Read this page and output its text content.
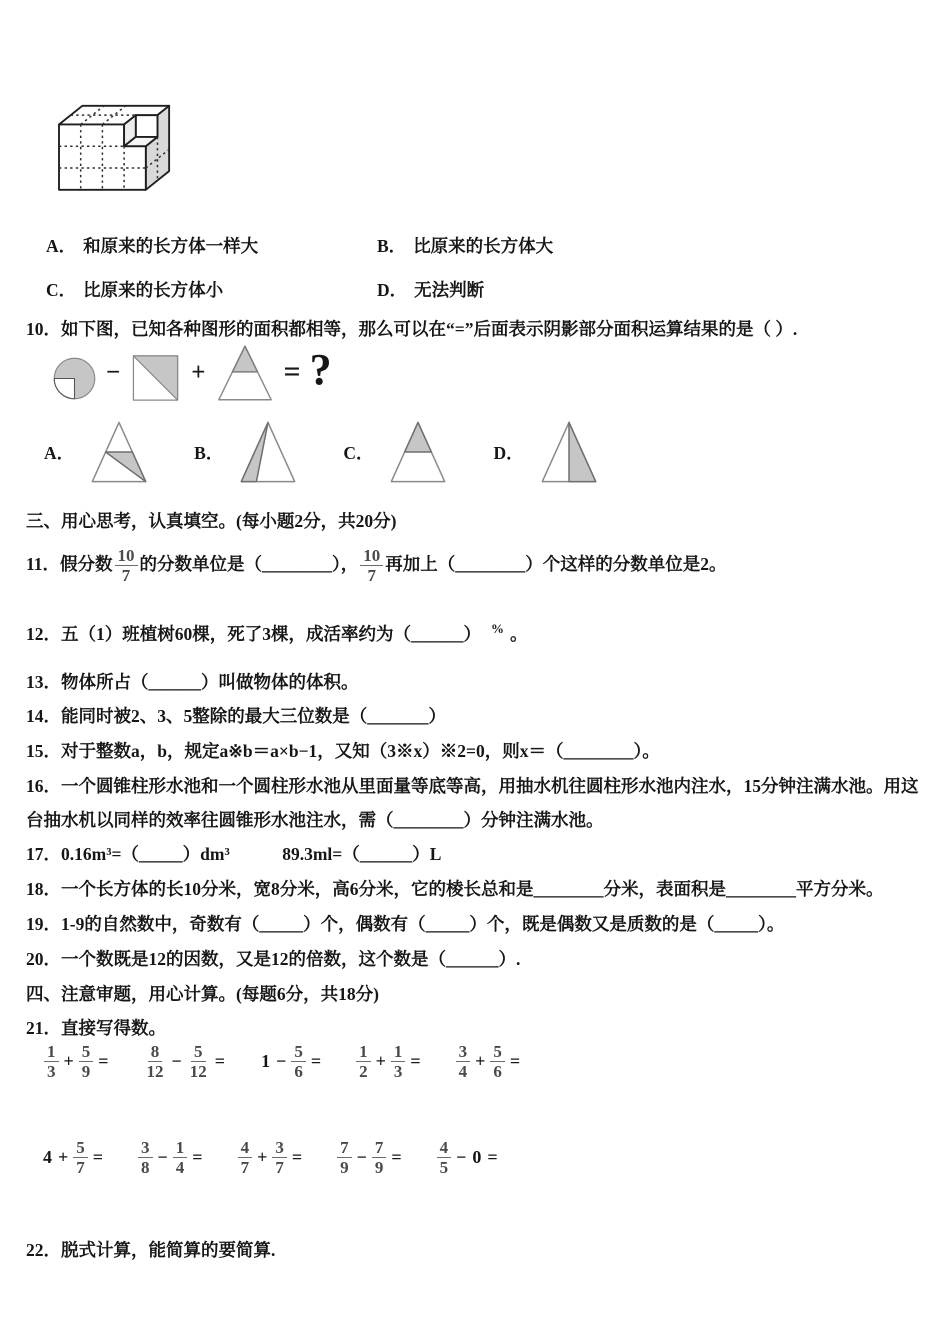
A． 和原来的长方体一样大	B． 比原来的长方体大
C． 比原来的长方体小	D． 无法判断

10．如下图，已知各种图形的面积都相等，那么可以在“=”后面表示阴影部分面积运算结果的是（ ）.

−	+	= ?
A．	B．	C．	D．

三、用心思考，认真填空。(每小题2分，共20分)

11．假分数 $\frac{10}{7}$ 的分数单位是（________）， $\frac{10}{7}$ 再加上（________）个这样的分数单位是2。

12．五（1）班植树60棵，死了3棵，成活率约为（______） % 。

13．物体所占（______）叫做物体的体积。

14．能同时被2、3、5整除的最大三位数是（_______）

15．对于整数a，b，规定a※b＝a×b−1，又知（3※x）※2=0，则x＝（________）。

16．一个圆锥柱形水池和一个圆柱形水池从里面量等底等高，用抽水机往圆柱形水池内注水，15分钟注满水池。用这台抽水机以同样的效率往圆锥形水池注水，需（________）分钟注满水池。

17．0.16m³=（_____）dm³　　　89.3ml=（______）L

18．一个长方体的长10分米，宽8分米，高6分米，它的棱长总和是________分米，表面积是________平方分米。

19．1-9的自然数中，奇数有（_____）个，偶数有（_____）个，既是偶数又是质数的是（_____）。

20．一个数既是12的因数，又是12的倍数，这个数是（______）.

四、注意审题，用心计算。(每题6分，共18分)

21．直接写得数。

$\frac{1}{3} + \frac{5}{9} = \frac{8}{12} - \frac{5}{12} = 1 - \frac{5}{6} = \frac{1}{2} + \frac{1}{3} = \frac{3}{4} + \frac{5}{6}$ =
$4 + \frac{5}{7} = \frac{3}{8} - \frac{1}{4} = \frac{4}{7} + \frac{3}{7} = \frac{7}{9} - \frac{7}{9} = \frac{4}{5} - 0$ =

22．脱式计算，能简算的要简算.
